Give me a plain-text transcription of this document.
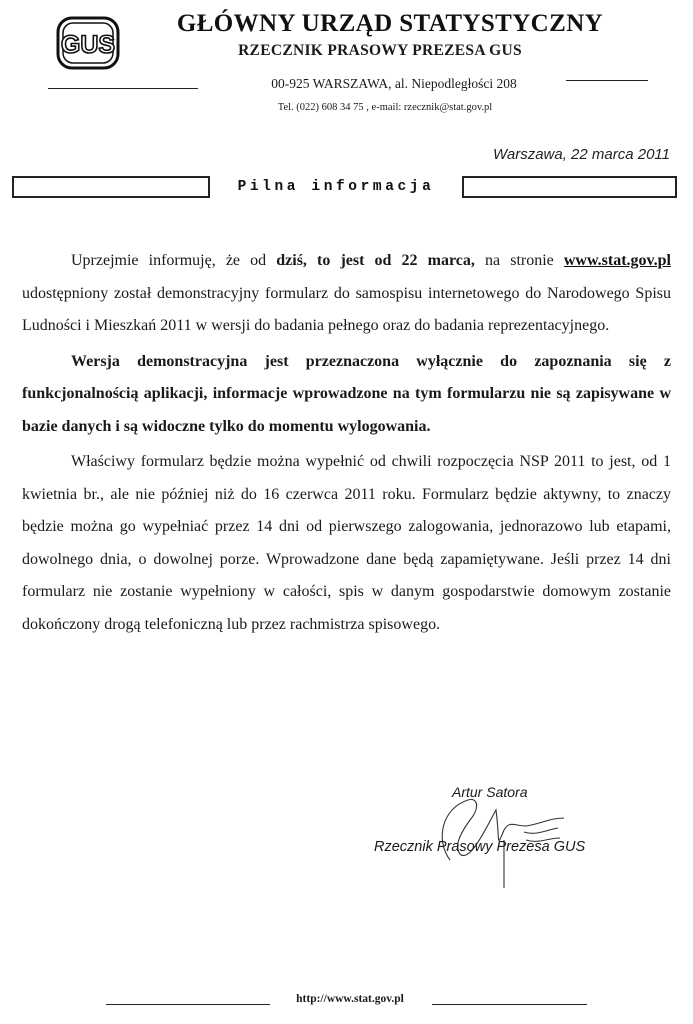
GUS
GŁÓWNY URZĄD STATYSTYCZNY
RZECZNIK PRASOWY PREZESA GUS
00-925 WARSZAWA, al. Niepodległości 208
Tel. (022) 608 34 75 , e-mail: rzecznik@stat.gov.pl
Warszawa, 22 marca 2011
Pilna informacja

Uprzejmie informuję, że od dziś, to jest od 22 marca, na stronie www.stat.gov.pl udostępniony został demonstracyjny formularz do samospisu internetowego do Narodowego Spisu Ludności i Mieszkań 2011 w wersji do badania pełnego oraz do badania reprezentacyjnego.

Wersja demonstracyjna jest przeznaczona wyłącznie do zapoznania się z funkcjonalnością aplikacji, informacje wprowadzone na tym formularzu nie są zapisywane w bazie danych i są widoczne tylko do momentu wylogowania.

Właściwy formularz będzie można wypełnić od chwili rozpoczęcia NSP 2011 to jest, od 1 kwietnia br., ale nie później niż do 16 czerwca 2011 roku. Formularz będzie aktywny, to znaczy będzie można go wypełniać przez 14 dni od pierwszego zalogowania, jednorazowo lub etapami, dowolnego dnia, o dowolnej porze. Wprowadzone dane będą zapamiętywane. Jeśli przez 14 dni formularz nie zostanie wypełniony w całości, spis w danym gospodarstwie domowym zostanie dokończony drogą telefoniczną lub przez rachmistrza spisowego.

Artur Satora
Rzecznik Prasowy Prezesa GUS
http://www.stat.gov.pl
